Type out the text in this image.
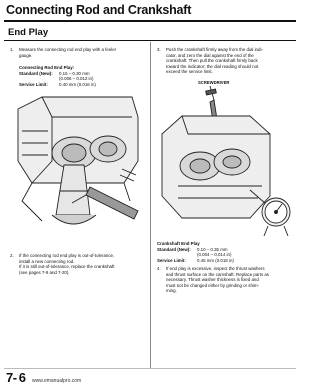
Connecting Rod and Crankshaft
End Play
1. Measure the connecting rod end play with a feeler
gauge.
Connecting Rod End Play:
Standard (New): 0.15 – 0.30 mm
(0.006 – 0.012 in)
Service Limit:	0.40 mm (0.016 in)
2. If the connecting rod end play is out-of-tolerance,
install a new connecting rod.
If it is still out-of-tolerance, replace the crankshaft
(see pages 7-9 and 7-20).
3. Push the crankshaft firmly away from the dial indi-
cator, and zero the dial against the end of the
crankshaft. Then pull the crankshaft firmly back
toward the indicator; the dial reading should not
exceed the service limit.
SCREWDRIVER
Crankshaft End Play
Standard (New): 0.10 – 0.35 mm
(0.004 – 0.014 in)
Service Limit:	0.45 mm (0.018 in)
4. If end play is excessive, inspect the thrust washers
and thrust surface on the camshaft. Replace parts as
necessary. Thrust washer thickness is fixed and
must not be changed either by grinding or shim-
ming.
7- 6 www.emanualpro.com
